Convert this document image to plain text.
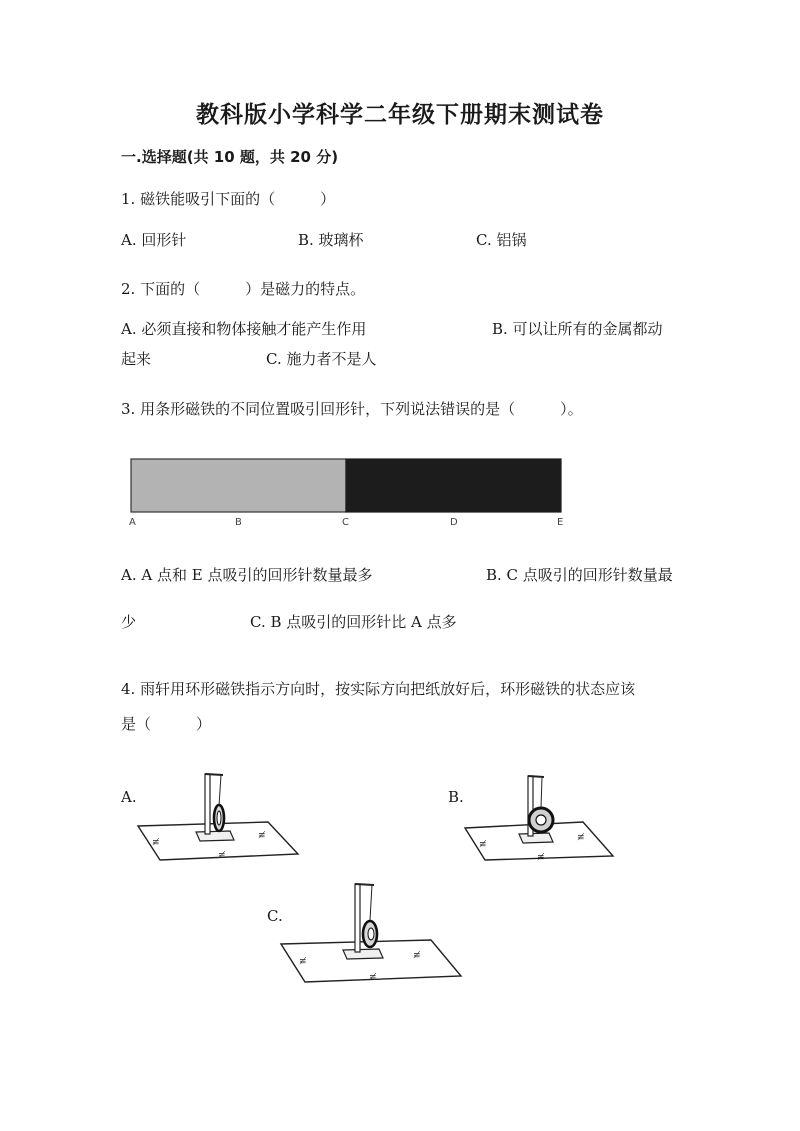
教科版小学科学二年级下册期末测试卷
一.选择题(共 10 题，共 20 分)
1. 磁铁能吸引下面的（　　　）
A. 回形针	B. 玻璃杯	C. 铝锅
2. 下面的（　　　）是磁力的特点。
A. 必须直接和物体接触才能产生作用	B. 可以让所有的金属都动
起来	C. 施力者不是人
3. 用条形磁铁的不同位置吸引回形针，下列说法错误的是（　　　）。
A	B	C	D	E
A. A 点和 E 点吸引的回形针数量最多	B. C 点吸引的回形针数量最
少	C. B 点吸引的回形针比 A 点多
4. 雨轩用环形磁铁指示方向时，按实际方向把纸放好后，环形磁铁的状态应该
是（　　　）
A.	B.
C.
≢
≢
≢
≢
≢
≢
≢
≢
≢
